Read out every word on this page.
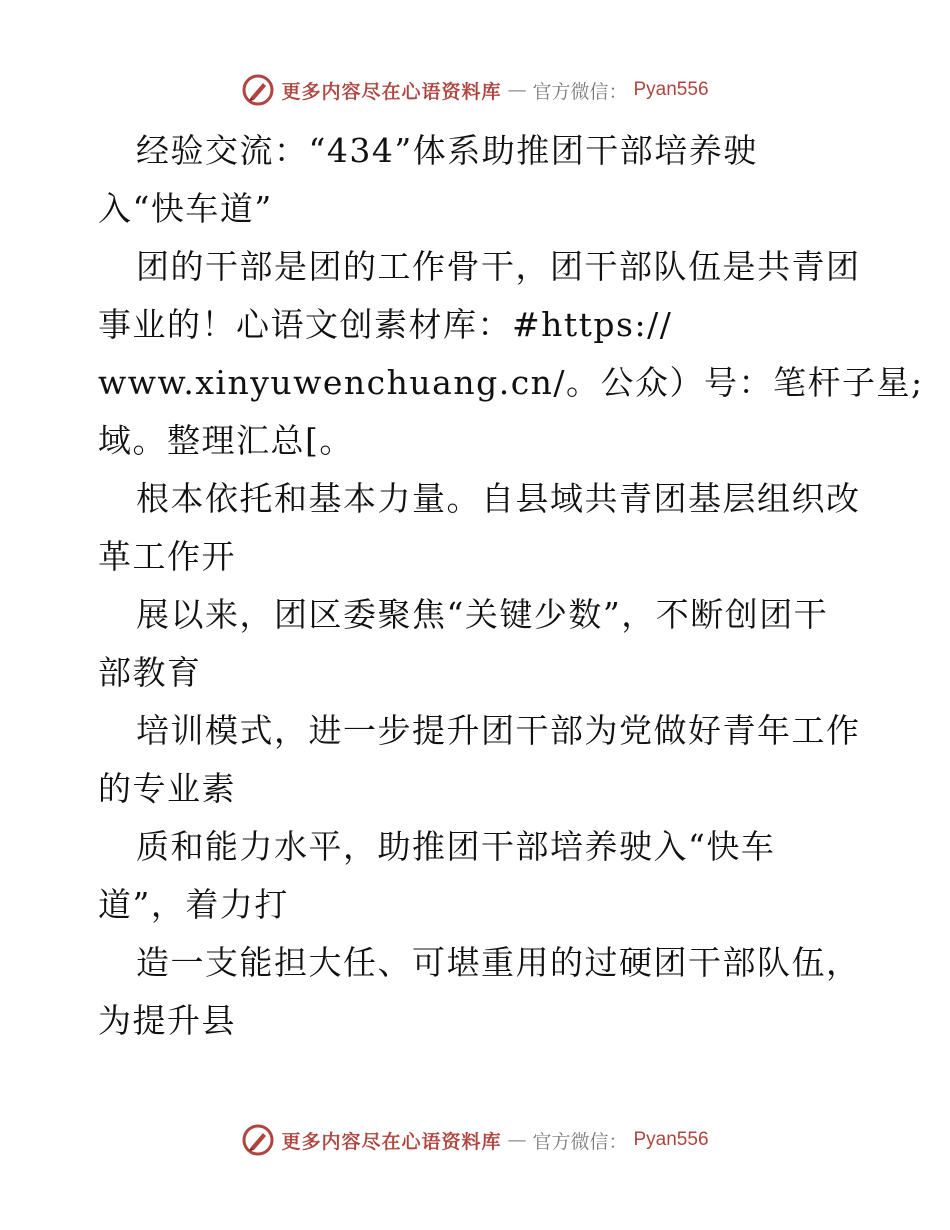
更多内容尽在心语资料库 — 官方微信： Pyan556
经验交流：“434”体系助推团干部培养驶
入“快车道”
团的干部是团的工作骨干，团干部队伍是共青团
事业的！心语文创素材库：#https://
www.xinyuwenchuang.cn/。公众）号：笔杆子星;
域。整理汇总[。
根本依托和基本力量。自县域共青团基层组织改
革工作开
展以来，团区委聚焦“关键少数”，不断创团干
部教育
培训模式，进一步提升团干部为党做好青年工作
的专业素
质和能力水平，助推团干部培养驶入“快车
道”，着力打
造一支能担大任、可堪重用的过硬团干部队伍，
为提升县
更多内容尽在心语资料库 — 官方微信： Pyan556
